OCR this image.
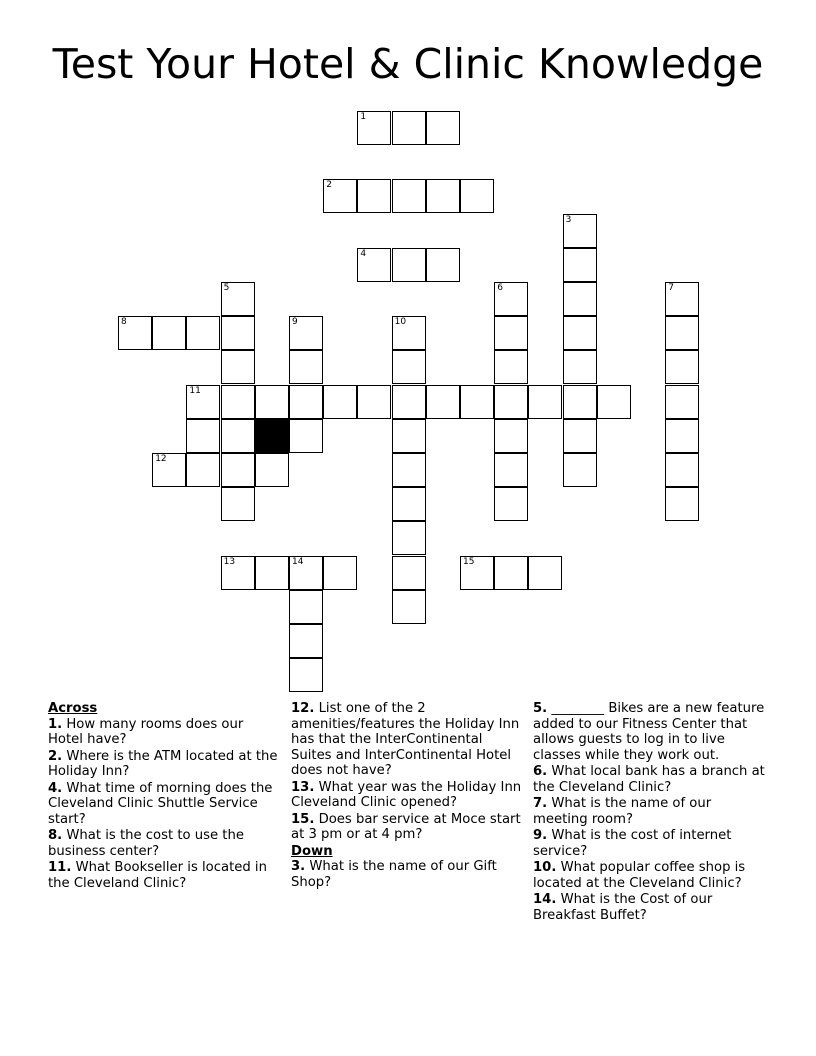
Test Your Hotel & Clinic Knowledge
1
2
3
4
5	6	7
8	9	10
11
12
13	14	15
Across
1. How many rooms does our Hotel have?
2. Where is the ATM located at the Holiday Inn?
4. What time of morning does the Cleveland Clinic Shuttle Service start?
8. What is the cost to use the business center?
11. What Bookseller is located in the Cleveland Clinic?
12. List one of the 2 amenities/features the Holiday Inn has that the InterContinental Suites and InterContinental Hotel does not have?
13. What year was the Holiday Inn Cleveland Clinic opened?
15. Does bar service at Moce start at 3 pm or at 4 pm?
Down
3. What is the name of our Gift Shop?
5. ________ Bikes are a new feature added to our Fitness Center that allows guests to log in to live classes while they work out.
6. What local bank has a branch at the Cleveland Clinic?
7. What is the name of our meeting room?
9. What is the cost of internet service?
10. What popular coffee shop is located at the Cleveland Clinic?
14. What is the Cost of our Breakfast Buffet?
